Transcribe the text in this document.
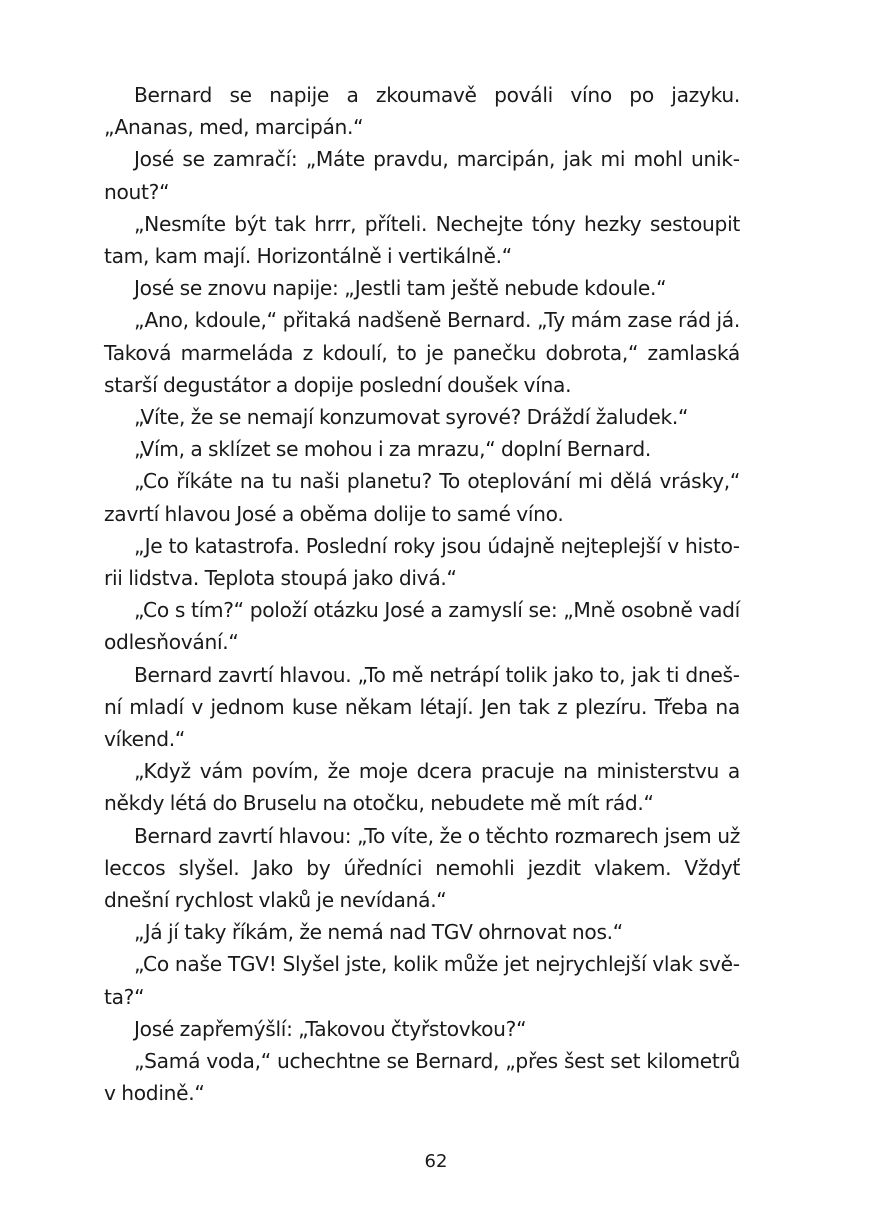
Bernard se napije a zkoumavě pováli víno po jazyku. „Ananas, med, marcipán.“

José se zamračí: „Máte pravdu, marcipán, jak mi mohl uniknout?“

„Nesmíte být tak hrrr, příteli. Nechejte tóny hezky sestoupit tam, kam mají. Horizontálně i vertikálně.“

José se znovu napije: „Jestli tam ještě nebude kdoule.“

„Ano, kdoule,“ přitaká nadšeně Bernard. „Ty mám zase rád já. Taková marmeláda z kdoulí, to je panečku dobrota,“ zamlaská starší degustátor a dopije poslední doušek vína.

„Víte, že se nemají konzumovat syrové? Dráždí žaludek.“

„Vím, a sklízet se mohou i za mrazu,“ doplní Bernard.

„Co říkáte na tu naši planetu? To oteplování mi dělá vrásky,“ zavrtí hlavou José a oběma dolije to samé víno.

„Je to katastrofa. Poslední roky jsou údajně nejteplejší v historii lidstva. Teplota stoupá jako divá.“

„Co s tím?“ položí otázku José a zamyslí se: „Mně osobně vadí odlesňování.“

Bernard zavrtí hlavou. „To mě netrápí tolik jako to, jak ti dnešní mladí v jednom kuse někam létají. Jen tak z plezíru. Třeba na víkend.“

„Když vám povím, že moje dcera pracuje na ministerstvu a někdy létá do Bruselu na otočku, nebudete mě mít rád.“

Bernard zavrtí hlavou: „To víte, že o těchto rozmarech jsem už leccos slyšel. Jako by úředníci nemohli jezdit vlakem. Vždyť dnešní rychlost vlaků je nevídaná.“

„Já jí taky říkám, že nemá nad TGV ohrnovat nos.“

„Co naše TGV! Slyšel jste, kolik může jet nejrychlejší vlak světa?“

José zapřemýšlí: „Takovou čtyřstovkou?“

„Samá voda,“ uchechtne se Bernard, „přes šest set kilometrů v hodině.“

62
